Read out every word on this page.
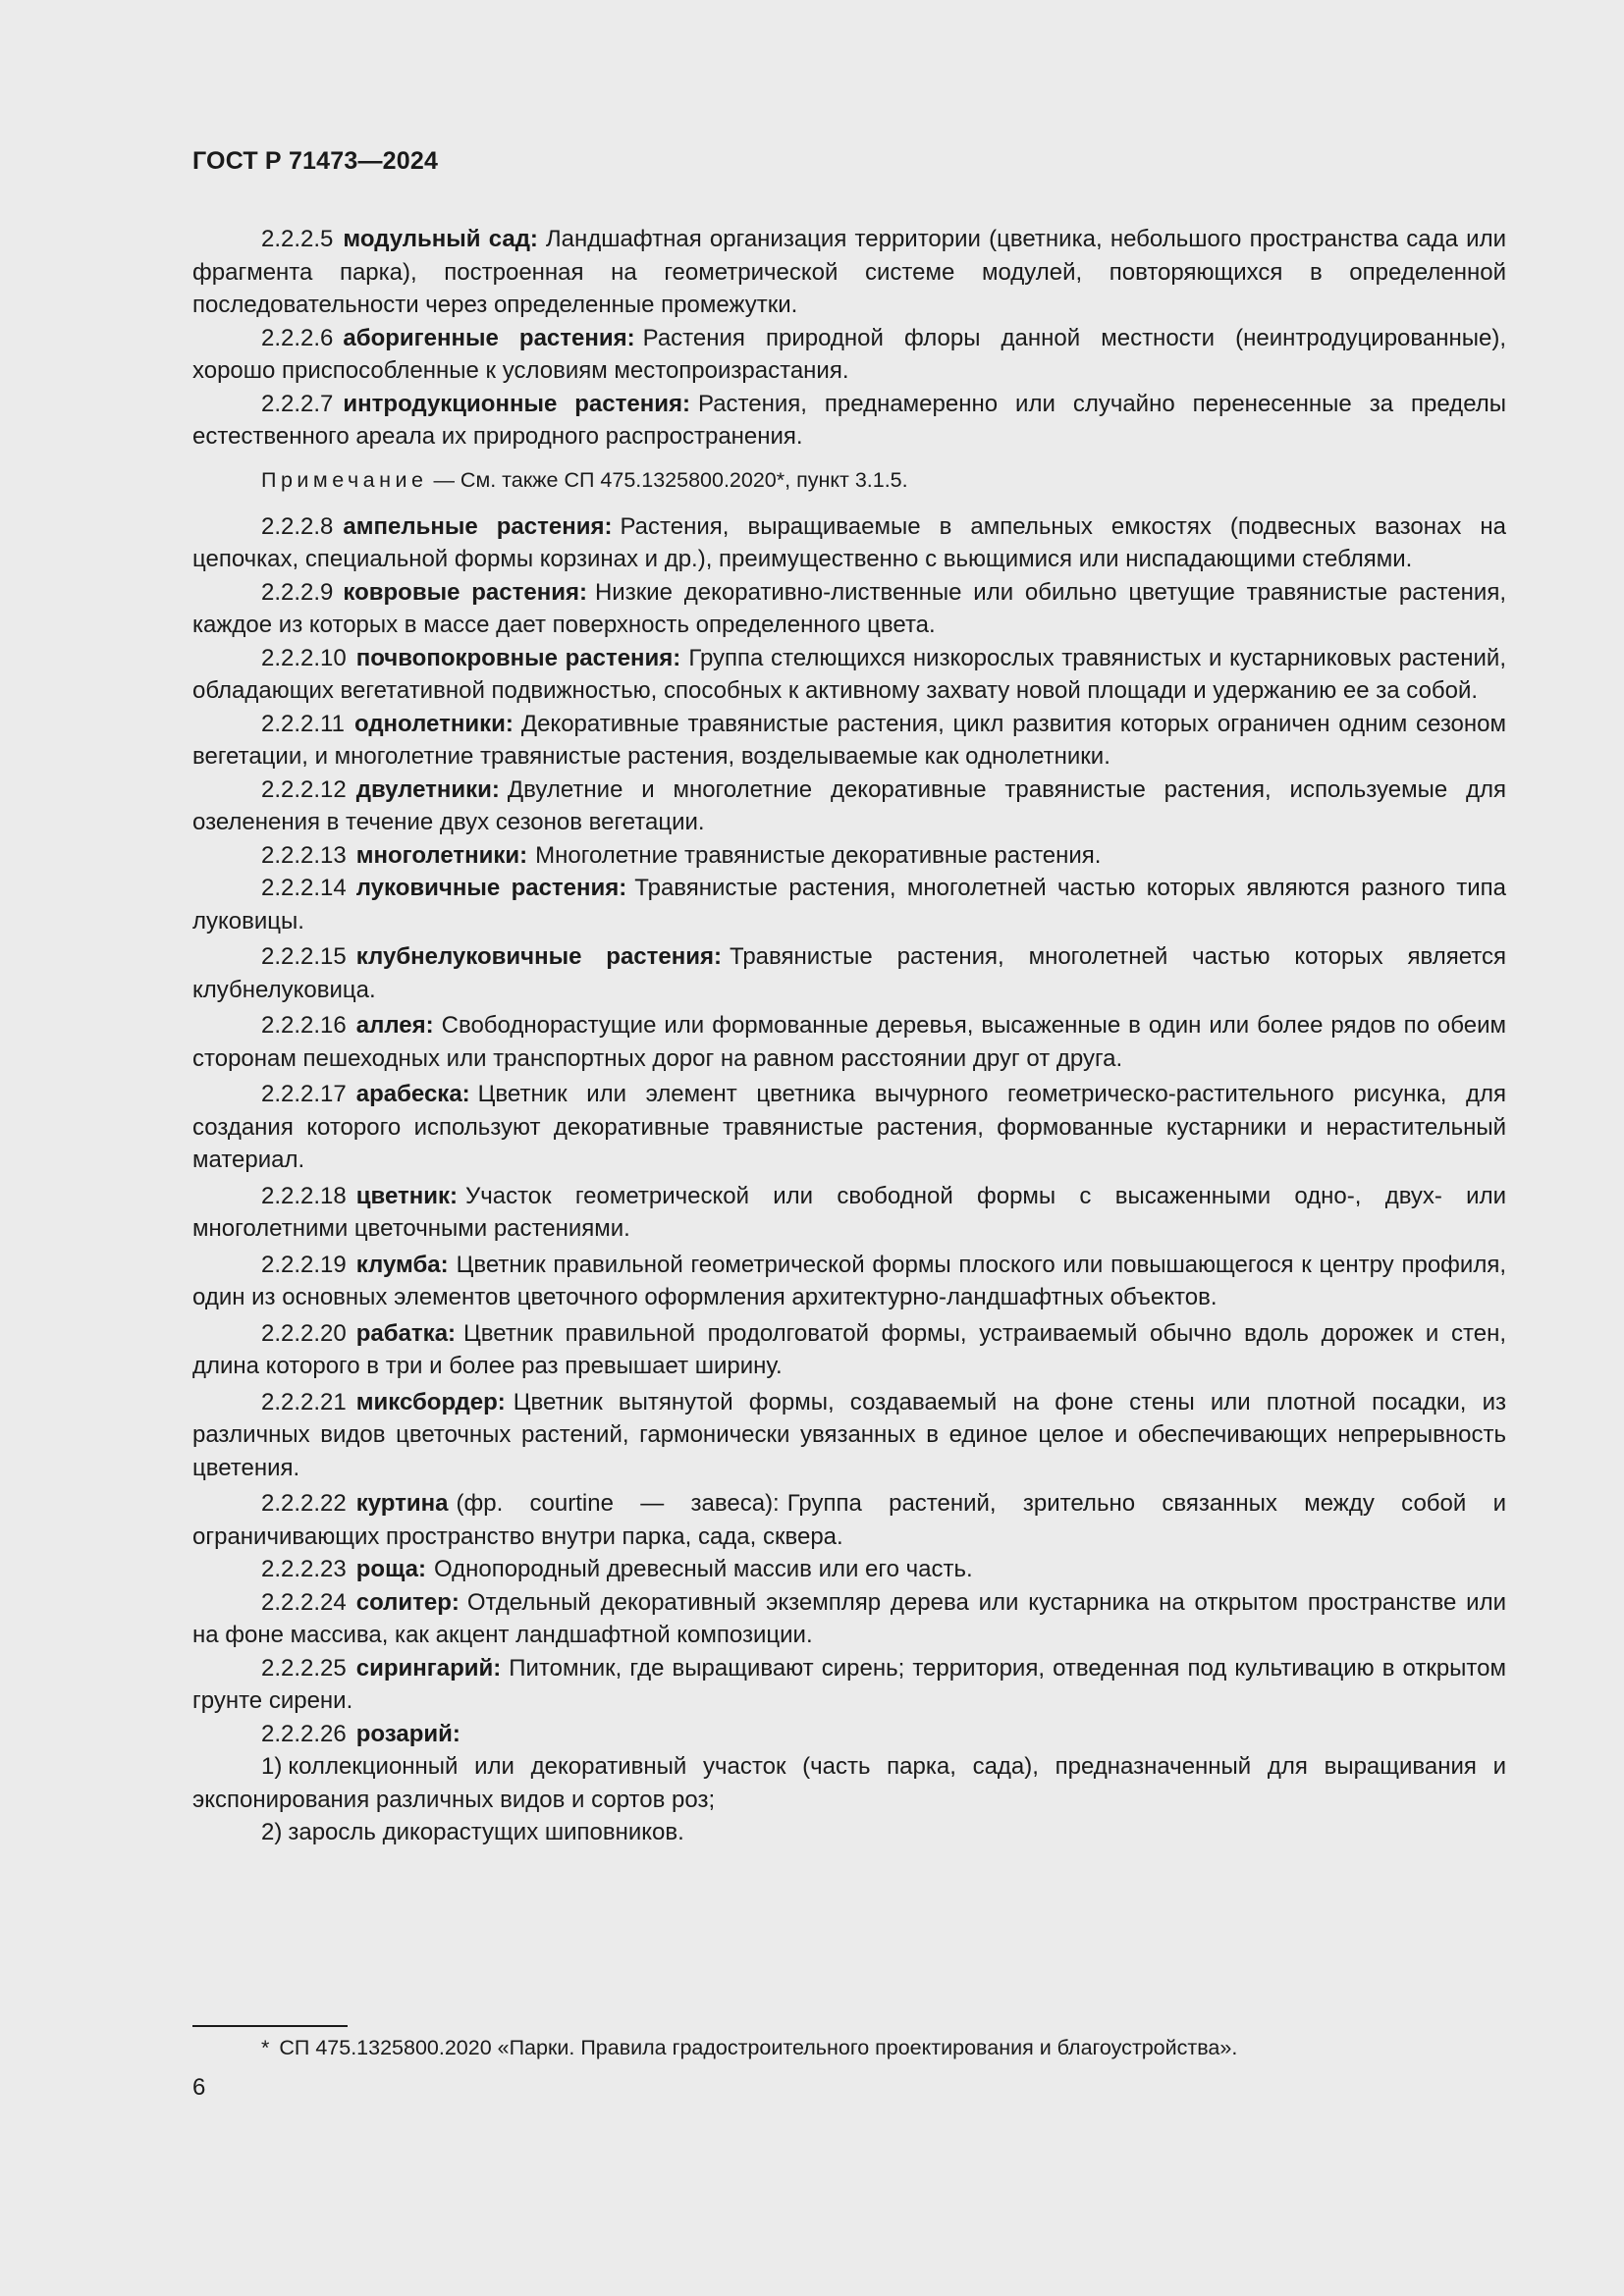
ГОСТ Р 71473—2024

2.2.2.5 модульный сад: Ландшафтная организация территории (цветника, небольшого пространства сада или фрагмента парка), построенная на геометрической системе модулей, повторяющихся в определенной последовательности через определенные промежутки.

2.2.2.6 аборигенные растения: Растения природной флоры данной местности (неинтродуцированные), хорошо приспособленные к условиям местопроизрастания.

2.2.2.7 интродукционные растения: Растения, преднамеренно или случайно перенесенные за пределы естественного ареала их природного распространения.

Примечание — См. также СП 475.1325800.2020*, пункт 3.1.5.

2.2.2.8 ампельные растения: Растения, выращиваемые в ампельных емкостях (подвесных вазонах на цепочках, специальной формы корзинах и др.), преимущественно с вьющимися или ниспадающими стеблями.

2.2.2.9 ковровые растения: Низкие декоративно-лиственные или обильно цветущие травянистые растения, каждое из которых в массе дает поверхность определенного цвета.

2.2.2.10 почвопокровные растения: Группа стелющихся низкорослых травянистых и кустарниковых растений, обладающих вегетативной подвижностью, способных к активному захвату новой площади и удержанию ее за собой.

2.2.2.11 однолетники: Декоративные травянистые растения, цикл развития которых ограничен одним сезоном вегетации, и многолетние травянистые растения, возделываемые как однолетники.

2.2.2.12 двулетники: Двулетние и многолетние декоративные травянистые растения, используемые для озеленения в течение двух сезонов вегетации.

2.2.2.13 многолетники: Многолетние травянистые декоративные растения.

2.2.2.14 луковичные растения: Травянистые растения, многолетней частью которых являются разного типа луковицы.

2.2.2.15 клубнелуковичные растения: Травянистые растения, многолетней частью которых является клубнелуковица.

2.2.2.16 аллея: Свободнорастущие или формованные деревья, высаженные в один или более рядов по обеим сторонам пешеходных или транспортных дорог на равном расстоянии друг от друга.

2.2.2.17 арабеска: Цветник или элемент цветника вычурного геометрическо-растительного рисунка, для создания которого используют декоративные травянистые растения, формованные кустарники и нерастительный материал.

2.2.2.18 цветник: Участок геометрической или свободной формы с высаженными одно-, двух- или многолетними цветочными растениями.

2.2.2.19 клумба: Цветник правильной геометрической формы плоского или повышающегося к центру профиля, один из основных элементов цветочного оформления архитектурно-ландшафтных объектов.

2.2.2.20 рабатка: Цветник правильной продолговатой формы, устраиваемый обычно вдоль дорожек и стен, длина которого в три и более раз превышает ширину.

2.2.2.21 миксбордер: Цветник вытянутой формы, создаваемый на фоне стены или плотной посадки, из различных видов цветочных растений, гармонически увязанных в единое целое и обеспечивающих непрерывность цветения.

2.2.2.22 куртина (фр. courtine — завеса): Группа растений, зрительно связанных между собой и ограничивающих пространство внутри парка, сада, сквера.

2.2.2.23 роща: Однопородный древесный массив или его часть.

2.2.2.24 солитер: Отдельный декоративный экземпляр дерева или кустарника на открытом пространстве или на фоне массива, как акцент ландшафтной композиции.

2.2.2.25 сирингарий: Питомник, где выращивают сирень; территория, отведенная под культивацию в открытом грунте сирени.

2.2.2.26 розарий:

1) коллекционный или декоративный участок (часть парка, сада), предназначенный для выращивания и экспонирования различных видов и сортов роз;

2) заросль дикорастущих шиповников.

* СП 475.1325800.2020 «Парки. Правила градостроительного проектирования и благоустройства».
6
